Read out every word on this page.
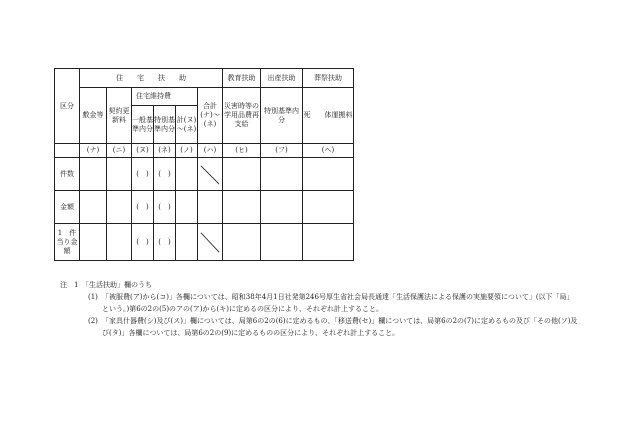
区分	住　　宅　　扶　　助						教育扶助	出産扶助	葬祭扶助
	敷金等	契約更新料	住宅維持費			合計(ナ)～(ネ)	災害時等の学用品費再支給	特別基準内　　分	死　　体運搬料
			一般基準内分	特別基準内分	計(ヌ)～(ネ)				
	(ナ)	(ニ)	(ヌ)	(ネ)	(ノ)	(ハ)	(ヒ)	(フ)	(ヘ)
件数			(　)	(　)		

金額			(　)	(　)					
1　件当り金額			(　)	(　)		

注　1　「生活扶助」欄のうち
(1) 「被服費(ア)から(コ)」各欄については、昭和38年4月1日社発第246号厚生省社会局長通達「生活保護法による保護の実施要領について」(以下「局」という。)第6の2の(5)のアの(ア)から(キ)に定めるの区分により、それぞれ計上すること。
(2) 「家具什器費(シ)及び(ス)」欄については、局第6の2の(6)に定めるもの、「移送費(セ)」欄については、局第6の2の(7)に定めるもの及び「その他(ソ)及び(タ)」各欄については、局第6の2の(9)に定めるものの区分により、それぞれ計上すること。
